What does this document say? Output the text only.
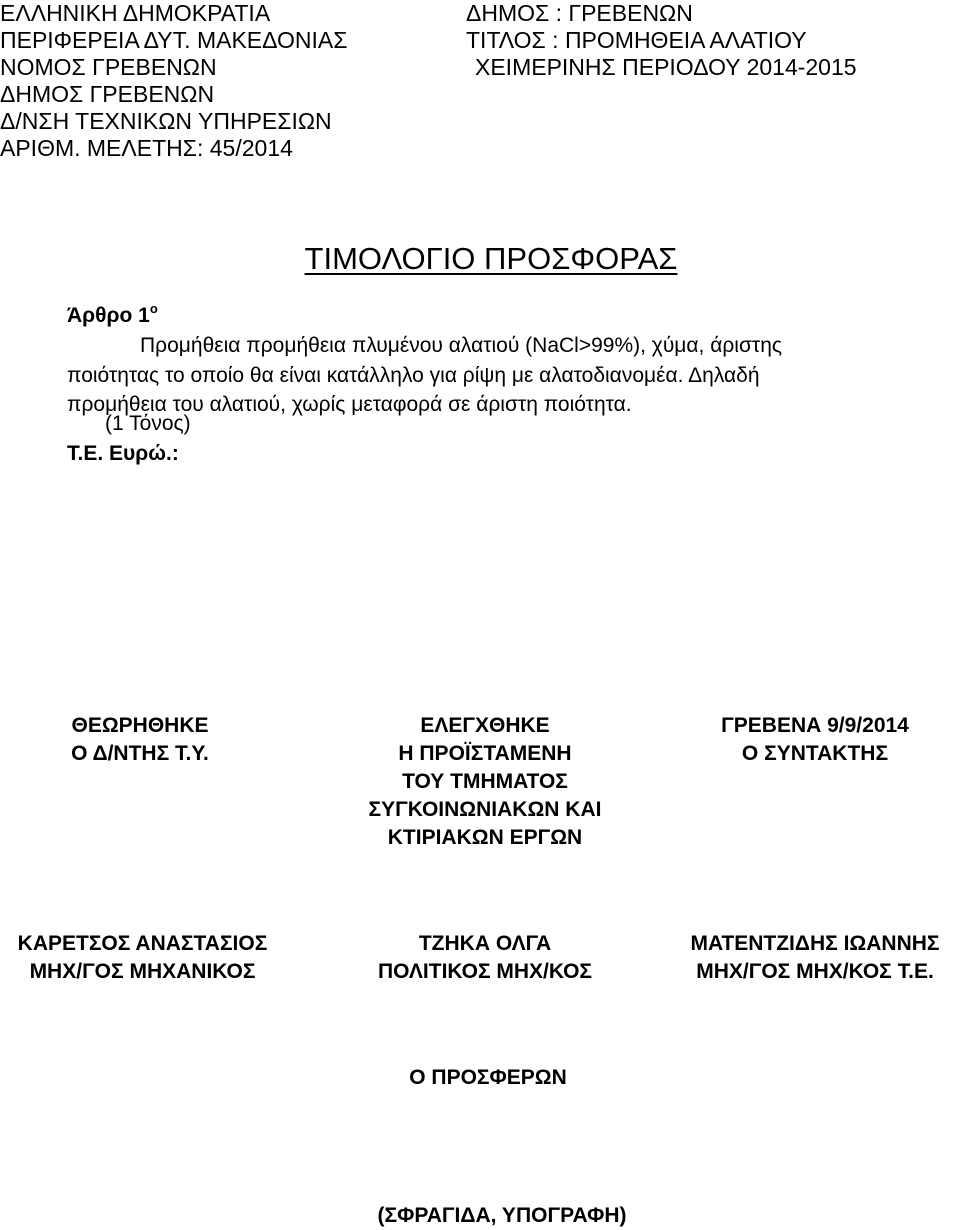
ΕΛΛΗΝΙΚΗ ΔΗΜΟΚΡΑΤΙΑ
ΠΕΡΙΦΕΡΕΙΑ ΔΥΤ. ΜΑΚΕΔΟΝΙΑΣ
ΝΟΜΟΣ ΓΡΕΒΕΝΩΝ
ΔΗΜΟΣ ΓΡΕΒΕΝΩΝ
Δ/ΝΣΗ ΤΕΧΝΙΚΩΝ ΥΠΗΡΕΣΙΩΝ
ΑΡΙΘΜ. ΜΕΛΕΤΗΣ: 45/2014
ΔΗΜΟΣ : ΓΡΕΒΕΝΩΝ
ΤΙΤΛΟΣ : ΠΡΟΜΗΘΕΙΑ ΑΛΑΤΙΟΥ
ΧΕΙΜΕΡΙΝΗΣ ΠΕΡΙΟΔΟΥ 2014-2015
ΤΙΜΟΛΟΓΙΟ ΠΡΟΣΦΟΡΑΣ
Άρθρο $1^o$
Προμήθεια προμήθεια πλυμένου αλατιού (NaCl>99%), χύμα, άριστης
ποιότητας το οποίο θα είναι κατάλληλο για ρίψη με αλατοδιανομέα. Δηλαδή
προμήθεια του αλατιού, χωρίς μεταφορά σε άριστη ποιότητα.
(1 Τόνος)
Τ.Ε. Ευρώ.:
ΘΕΩΡΗΘΗΚΕ
Ο Δ/ΝΤΗΣ Τ.Υ.
ΕΛΕΓΧΘΗΚΕ
Η ΠΡΟΪΣΤΑΜΕΝΗ
ΤΟΥ ΤΜΗΜΑΤΟΣ
ΣΥΓΚΟΙΝΩΝΙΑΚΩΝ ΚΑΙ
ΚΤΙΡΙΑΚΩΝ ΕΡΓΩΝ
ΓΡΕΒΕΝΑ 9/9/2014
Ο ΣΥΝΤΑΚΤΗΣ
ΚΑΡΕΤΣΟΣ ΑΝΑΣΤΑΣΙΟΣ
ΜΗΧ/ΓΟΣ ΜΗΧΑΝΙΚΟΣ
ΤΖΗΚΑ ΟΛΓΑ
ΠΟΛΙΤΙΚΟΣ ΜΗΧ/ΚΟΣ
ΜΑΤΕΝΤΖΙΔΗΣ ΙΩΑΝΝΗΣ
ΜΗΧ/ΓΟΣ ΜΗΧ/ΚΟΣ Τ.Ε.
Ο ΠΡΟΣΦΕΡΩΝ
(ΣΦΡΑΓΙΔΑ, ΥΠΟΓΡΑΦΗ)
